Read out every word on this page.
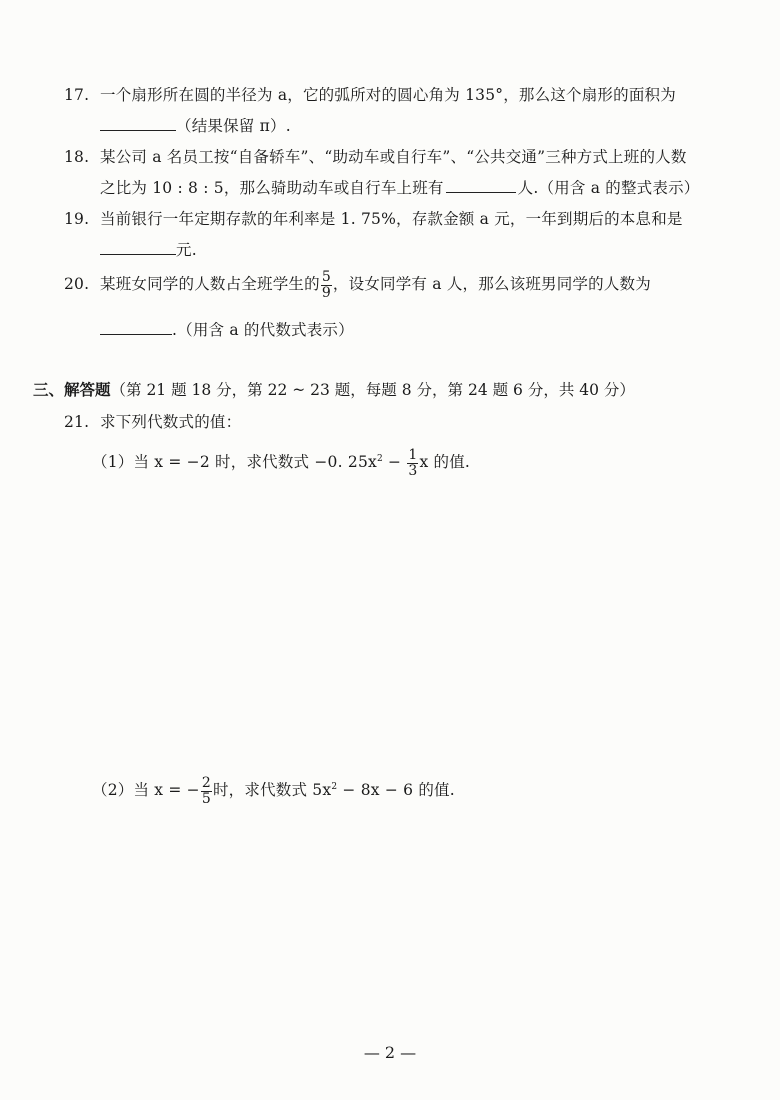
17. 一个扇形所在圆的半径为 a，它的弧所对的圆心角为 135°，那么这个扇形的面积为
（结果保留 π）.
18. 某公司 a 名员工按“自备轿车”、“助动车或自行车”、“公共交通”三种方式上班的人数
之比为 10 : 8 : 5，那么骑助动车或自行车上班有	人.（用含 a 的整式表示）
19. 当前银行一年定期存款的年利率是 1. 75%，存款金额 a 元，一年到期后的本息和是
元.
20. 某班女同学的人数占全班学生的 $\frac{5}{9}$ ，设女同学有 a 人，那么该班男同学的人数为
.（用含 a 的代数式表示）
三、解答题（第 21 题 18 分，第 22 ~ 23 题，每题 8 分，第 24 题 6 分，共 40 分）
21. 求下列代数式的值：
（1）当 x = −2 时，求代数式 −0. $25x^2 - \frac{1}{3}$ x 的值.
（2）当 x = − $\frac{2}{5}$ 时，求代数式 $5x^2 - 8x - 6$ 的值.
— 2 —
